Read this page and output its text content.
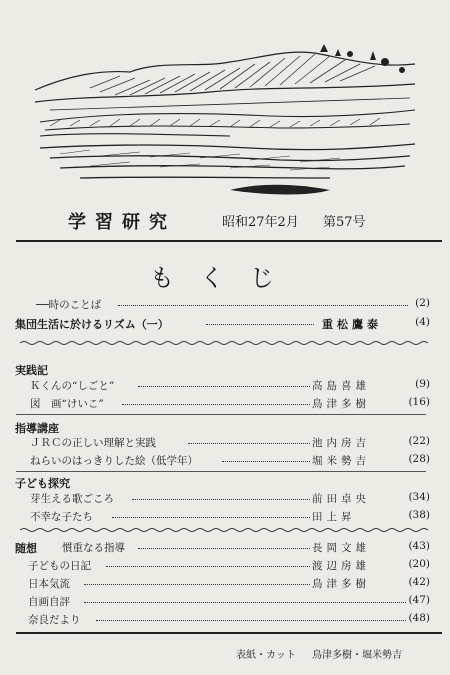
学習研究	昭和27年2月 第57号
もくじ
──時のことば	(2)
集団生活に於けるリズム（一）	重松鷹泰	(4)
実践記
Ｋくんの“しごと”	高島喜雄	(9)
図　画“けいこ”	鳥津多樹	(16)
指導講座
ＪＲＣの正しい理解と実践	池内房吉	(22)
ねらいのはっきりした絵（低学年）	堀米勢吉	(28)
子ども探究
芽生える歌ごころ	前田卓央	(34)
不幸な子たち	田上昇	(38)
随想 慣重なる指導	長岡文雄	(43)
子どもの日記	渡辺房雄	(20)
日本気流	鳥津多樹	(42)
自画自評	(47)
奈良だより	(48)
表紙・カット 鳥津多樹・堀米勢吉
